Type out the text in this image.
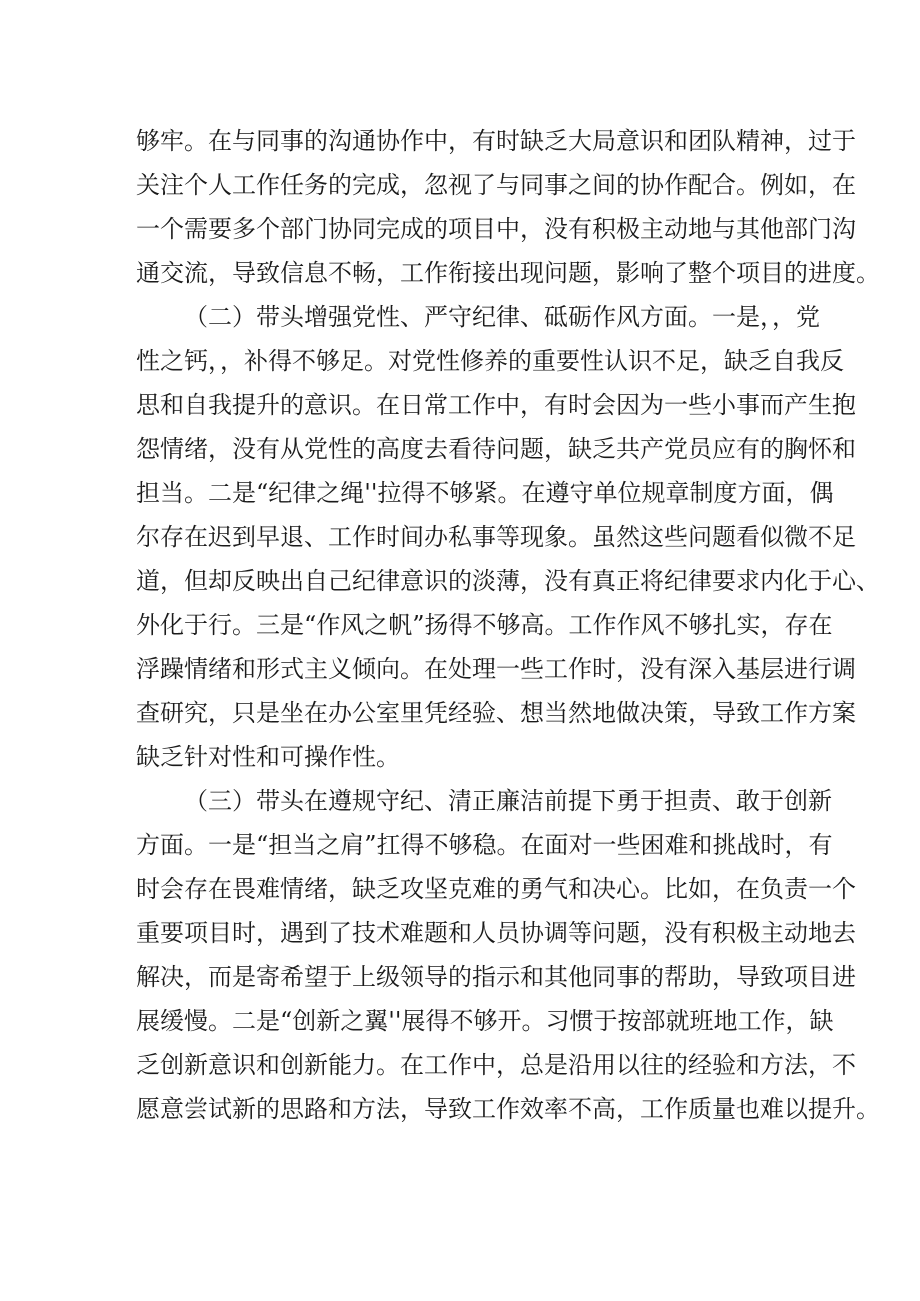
够牢。在与同事的沟通协作中，有时缺乏大局意识和团队精神，过于
关注个人工作任务的完成，忽视了与同事之间的协作配合。例如，在
一个需要多个部门协同完成的项目中，没有积极主动地与其他部门沟
通交流，导致信息不畅，工作衔接出现问题，影响了整个项目的进度。
（二）带头增强党性、严守纪律、砥砺作风方面。一是，，党
性之钙，，补得不够足。对党性修养的重要性认识不足，缺乏自我反
思和自我提升的意识。在日常工作中，有时会因为一些小事而产生抱
怨情绪，没有从党性的高度去看待问题，缺乏共产党员应有的胸怀和
担当。二是“纪律之绳''拉得不够紧。在遵守单位规章制度方面，偶
尔存在迟到早退、工作时间办私事等现象。虽然这些问题看似微不足
道，但却反映出自己纪律意识的淡薄，没有真正将纪律要求内化于心、
外化于行。三是“作风之帆”扬得不够高。工作作风不够扎实，存在
浮躁情绪和形式主义倾向。在处理一些工作时，没有深入基层进行调
查研究，只是坐在办公室里凭经验、想当然地做决策，导致工作方案
缺乏针对性和可操作性。
（三）带头在遵规守纪、清正廉洁前提下勇于担责、敢于创新
方面。一是“担当之肩”扛得不够稳。在面对一些困难和挑战时，有
时会存在畏难情绪，缺乏攻坚克难的勇气和决心。比如，在负责一个
重要项目时，遇到了技术难题和人员协调等问题，没有积极主动地去
解决，而是寄希望于上级领导的指示和其他同事的帮助，导致项目进
展缓慢。二是“创新之翼''展得不够开。习惯于按部就班地工作，缺
乏创新意识和创新能力。在工作中，总是沿用以往的经验和方法，不
愿意尝试新的思路和方法，导致工作效率不高，工作质量也难以提升。
